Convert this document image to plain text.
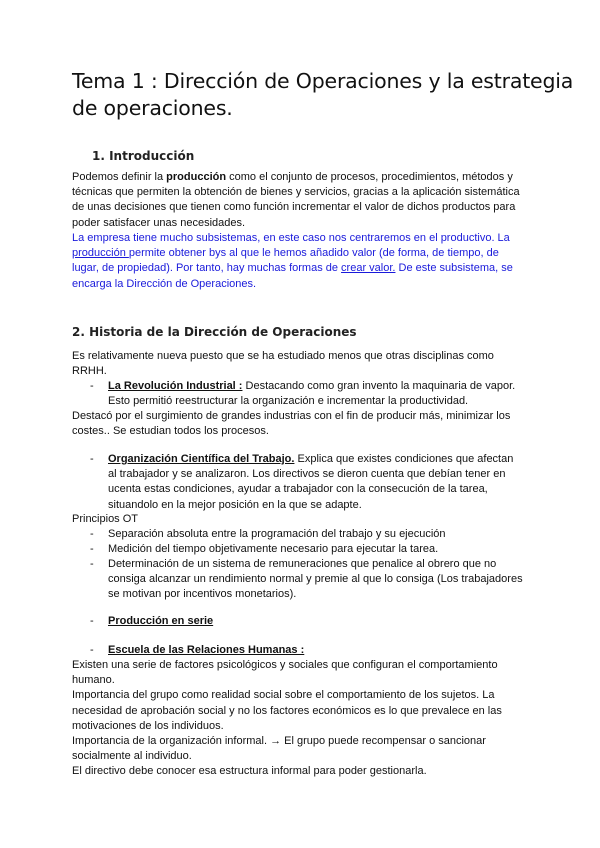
Tema 1 : Dirección de Operaciones y la estrategia
de operaciones.
1. Introducción
Podemos definir la producción como el conjunto de procesos, procedimientos, métodos y
técnicas que permiten la obtención de bienes y servicios, gracias a la aplicación sistemática
de unas decisiones que tienen como función incrementar el valor de dichos productos para
poder satisfacer unas necesidades.
La empresa tiene mucho subsistemas, en este caso nos centraremos en el productivo. La
producción permite obtener bys al que le hemos añadido valor (de forma, de tiempo, de
lugar, de propiedad). Por tanto, hay muchas formas de crear valor. De este subsistema, se
encarga la Dirección de Operaciones.
2. Historia de la Dirección de Operaciones
Es relativamente nueva puesto que se ha estudiado menos que otras disciplinas como
RRHH.
- La Revolución Industrial : Destacando como gran invento la maquinaria de vapor.
Esto permitió reestructurar la organización e incrementar la productividad.
Destacó por el surgimiento de grandes industrias con el fin de producir más, minimizar los
costes.. Se estudian todos los procesos.
- Organización Científica del Trabajo. Explica que existes condiciones que afectan
al trabajador y se analizaron. Los directivos se dieron cuenta que debían tener en
ucenta estas condiciones, ayudar a trabajador con la consecución de la tarea,
situandolo en la mejor posición en la que se adapte.
Principios OT
- Separación absoluta entre la programación del trabajo y su ejecución
- Medición del tiempo objetivamente necesario para ejecutar la tarea.
- Determinación de un sistema de remuneraciones que penalice al obrero que no
consiga alcanzar un rendimiento normal y premie al que lo consiga (Los trabajadores
se motivan por incentivos monetarios).
- Producción en serie
- Escuela de las Relaciones Humanas :
Existen una serie de factores psicológicos y sociales que configuran el comportamiento
humano.
Importancia del grupo como realidad social sobre el comportamiento de los sujetos. La
necesidad de aprobación social y no los factores económicos es lo que prevalece en las
motivaciones de los individuos.
Importancia de la organización informal. → El grupo puede recompensar o sancionar
socialmente al individuo.
El directivo debe conocer esa estructura informal para poder gestionarla.
